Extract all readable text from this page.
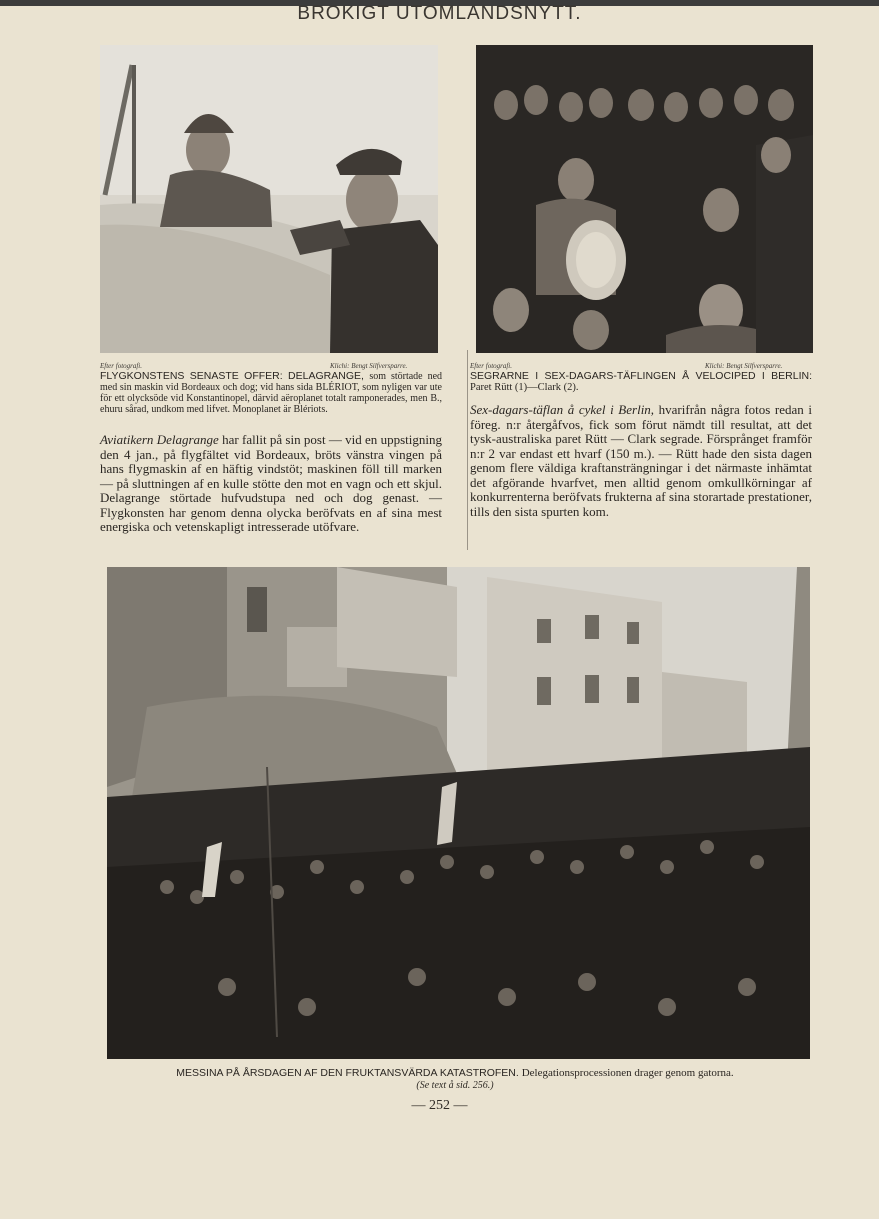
BROKIGT UTOMLANDSNYTT.
Efter fotografi.	Klichi: Bengt Silfversparre.
FLYGKONSTENS SENASTE OFFER: DELAGRANGE, som störtade ned med sin maskin vid Bordeaux och dog; vid hans sida BLÉRIOT, som nyligen var ute för ett olycksöde vid Konstantinopel, därvid aëroplanet totalt ramponerades, men B., ehuru sårad, undkom med lifvet. Monoplanet är Blériots.
Aviatikern Delagrange har fallit på sin post — vid en uppstigning den 4 jan., på flygfältet vid Bordeaux, bröts vänstra vingen på hans flygmaskin af en häftig vindstöt; maskinen föll till marken — på sluttningen af en kulle stötte den mot en vagn och ett skjul. Delagrange störtade hufvudstupa ned och dog genast. — Flygkonsten har genom denna olycka beröfvats en af sina mest energiska och vetenskapligt intresserade utöfvare.
Efter fotografi.	Klichi: Bengt Silfversparre.
SEGRARNE I SEX-DAGARS-TÄFLINGEN Å VELOCIPED I BERLIN: Paret Rütt (1)—Clark (2).
Sex-dagars-täflan å cykel i Berlin, hvarifrån några fotos redan i föreg. n:r återgåfvos, fick som förut nämdt till resultat, att det tysk-australiska paret Rütt — Clark segrade. Försprånget framför n:r 2 var endast ett hvarf (150 m.). — Rütt hade den sista dagen genom flere väldiga kraftansträngningar i det närmaste inhämtat det afgörande hvarfvet, men alltid genom omkullkörningar af konkurrenterna beröfvats frukterna af sina storartade prestationer, tills den sista spurten kom.
MESSINA PÅ ÅRSDAGEN AF DEN FRUKTANSVÄRDA KATASTROFEN. Delegationsprocessionen drager genom gatorna.
(Se text å sid. 256.)
— 252 —
